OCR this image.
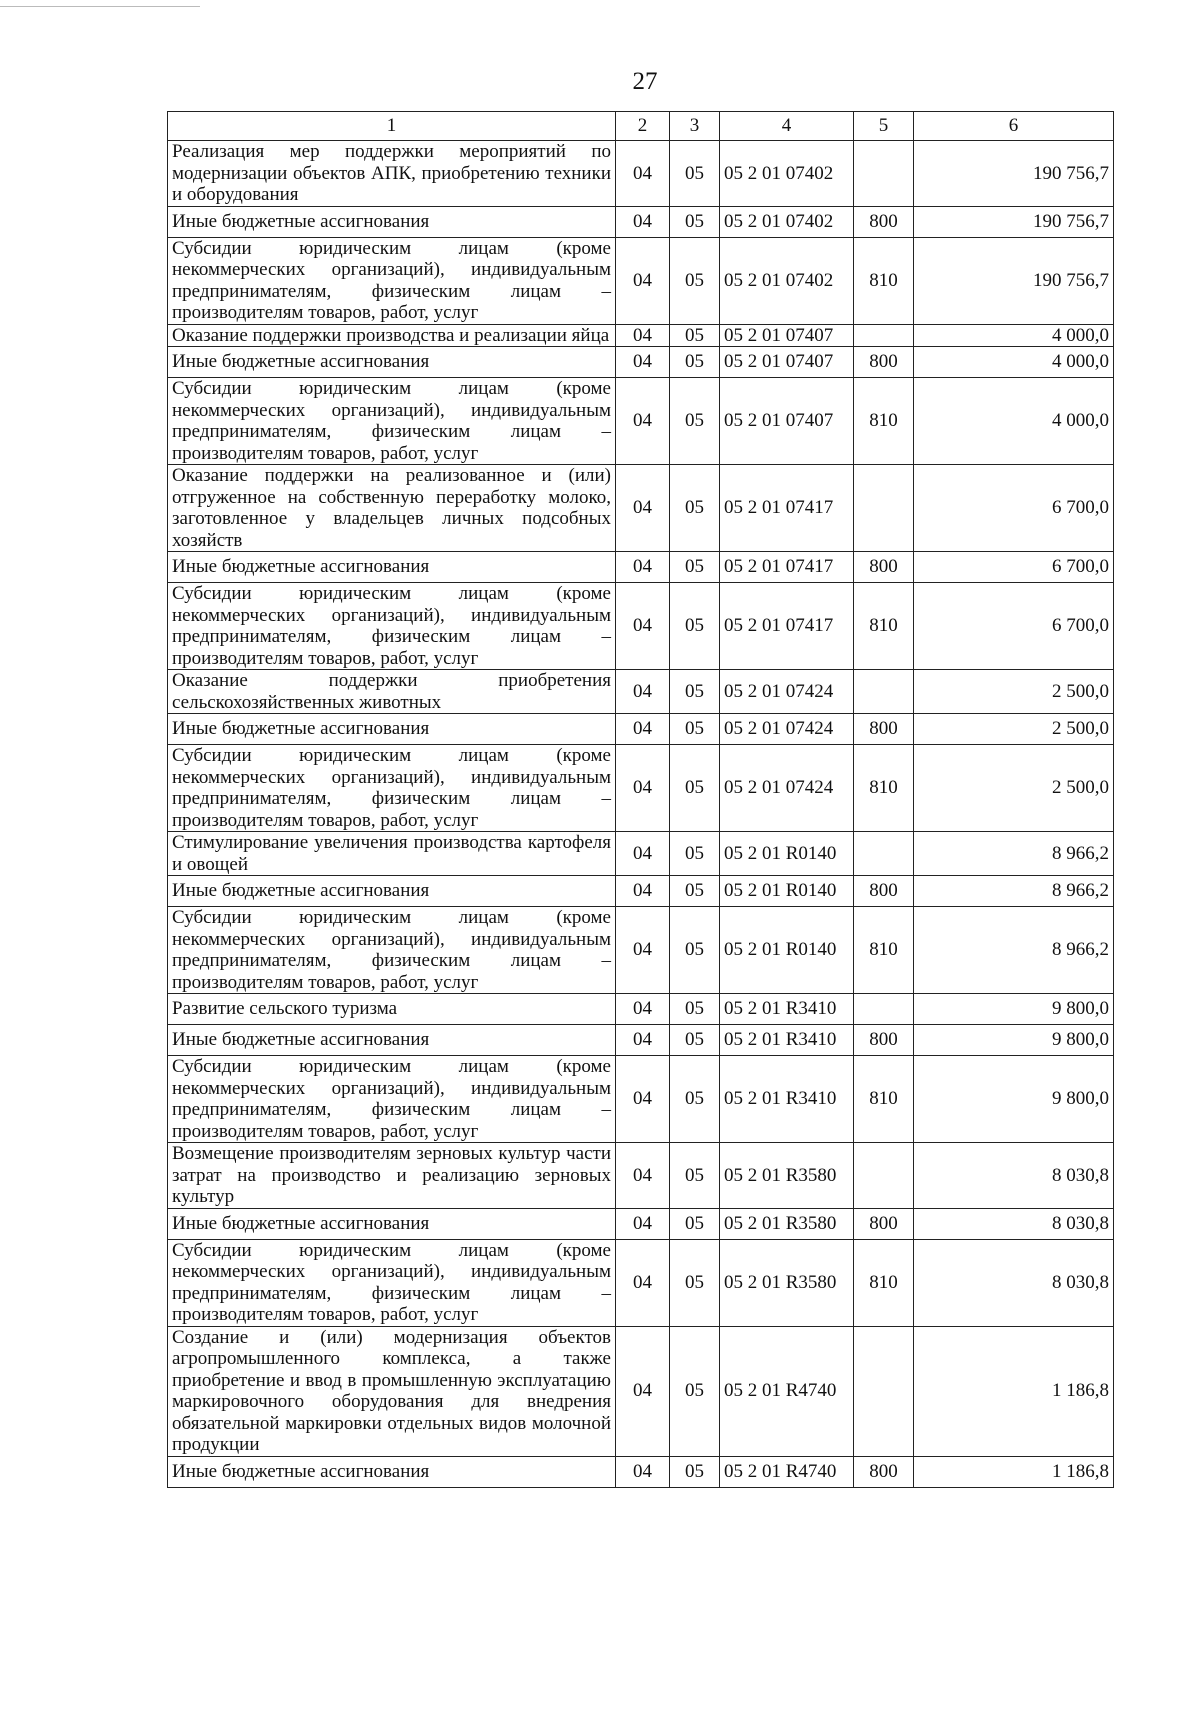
27
1	2	3	4	5	6
Реализация мер поддержки мероприятий по модернизации объектов АПК, приобретению техники и оборудования	04	05	05 2 01 07402		190 756,7
Иные бюджетные ассигнования	04	05	05 2 01 07402	800	190 756,7
Субсидии юридическим лицам (кроме некоммерческих организаций), индивидуальным предпринимателям, физическим лицам – производителям товаров, работ, услуг	04	05	05 2 01 07402	810	190 756,7
Оказание поддержки производства и реализации яйца	04	05	05 2 01 07407		4 000,0
Иные бюджетные ассигнования	04	05	05 2 01 07407	800	4 000,0
Субсидии юридическим лицам (кроме некоммерческих организаций), индивидуальным предпринимателям, физическим лицам – производителям товаров, работ, услуг	04	05	05 2 01 07407	810	4 000,0
Оказание поддержки на реализованное и (или) отгруженное на собственную переработку молоко, заготовленное у владельцев личных подсобных хозяйств	04	05	05 2 01 07417		6 700,0
Иные бюджетные ассигнования	04	05	05 2 01 07417	800	6 700,0
Субсидии юридическим лицам (кроме некоммерческих организаций), индивидуальным предпринимателям, физическим лицам – производителям товаров, работ, услуг	04	05	05 2 01 07417	810	6 700,0
Оказание поддержки приобретения сельскохозяйственных животных	04	05	05 2 01 07424		2 500,0
Иные бюджетные ассигнования	04	05	05 2 01 07424	800	2 500,0
Субсидии юридическим лицам (кроме некоммерческих организаций), индивидуальным предпринимателям, физическим лицам – производителям товаров, работ, услуг	04	05	05 2 01 07424	810	2 500,0
Стимулирование увеличения производства картофеля и овощей	04	05	05 2 01 R0140		8 966,2
Иные бюджетные ассигнования	04	05	05 2 01 R0140	800	8 966,2
Субсидии юридическим лицам (кроме некоммерческих организаций), индивидуальным предпринимателям, физическим лицам – производителям товаров, работ, услуг	04	05	05 2 01 R0140	810	8 966,2
Развитие сельского туризма	04	05	05 2 01 R3410		9 800,0
Иные бюджетные ассигнования	04	05	05 2 01 R3410	800	9 800,0
Субсидии юридическим лицам (кроме некоммерческих организаций), индивидуальным предпринимателям, физическим лицам – производителям товаров, работ, услуг	04	05	05 2 01 R3410	810	9 800,0
Возмещение производителям зерновых культур части затрат на производство и реализацию зерновых культур	04	05	05 2 01 R3580		8 030,8
Иные бюджетные ассигнования	04	05	05 2 01 R3580	800	8 030,8
Субсидии юридическим лицам (кроме некоммерческих организаций), индивидуальным предпринимателям, физическим лицам – производителям товаров, работ, услуг	04	05	05 2 01 R3580	810	8 030,8
Создание и (или) модернизация объектов агропромышленного комплекса, а также приобретение и ввод в промышленную эксплуатацию маркировочного оборудования для внедрения обязательной маркировки отдельных видов молочной продукции	04	05	05 2 01 R4740		1 186,8
Иные бюджетные ассигнования	04	05	05 2 01 R4740	800	1 186,8
